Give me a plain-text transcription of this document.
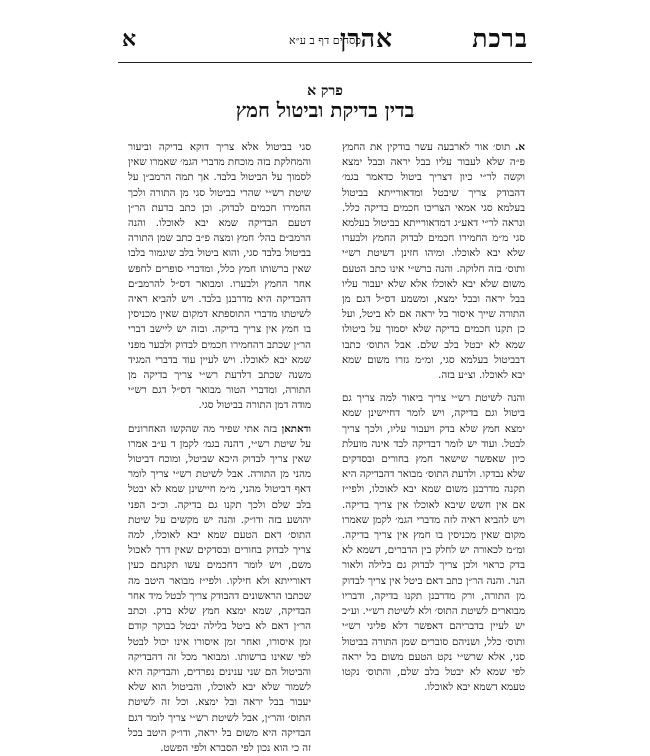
ברכת
פסחים דף ב ע״א
אהרן
א
פרק א
בדין בדיקת וביטול חמץ

א. תוס׳ אור לארבעה עשר בודקין את החמץ פ״ה שלא לעבור עליו בבל יראה ובבל ימצא וקשה לר״י כיון דצריך ביטול כדאמר בגמ׳ דהבודק צריך שיבטל ומדאורייתא בביטול בעלמא סגי אמאי הצריכו חכמים בדיקה כלל. ונראה לר״י דאע״ג דמדאורייתא בביטול בעלמא סגי מ״מ החמירו חכמים לבדוק החמץ ולבערו שלא יבא לאוכלו. ומיהו חזינן דשיטת רש״י ותוס׳ בזה חלוקה. והנה ברש״י אינו כתב הטעם משום שלא יבא לאוכלו אלא שלא יעבור עליו בבל יראה ובבל ימצא, ומשמע דס״ל דגם מן התורה שייך איסור בל יראה אם לא ביטל, ועל כן תקנו חכמים בדיקה שלא יסמוך על ביטולו שמא לא יבטל בלב שלם. אבל התוס׳ כתבו דבביטול בעלמא סגי, ומ״מ גזרו משום שמא יבא לאוכלו. וצ״ע בזה.

והנה לשיטת רש״י צריך ביאור למה צריך גם ביטול וגם בדיקה, ויש לומר דחיישינן שמא ימצא חמץ שלא בדק ויעבור עליו, ולכך צריך לבטל. ועוד יש לומר דבדיקה לבד אינה מועלת כיון שאפשר שישאר חמץ בחורים ובסדקים שלא נבדקו. ולדעת התוס׳ מבואר דהבדיקה היא תקנה מדרבנן משום שמא יבא לאוכלו, ולפי״ז אם אין חשש שיבא לאוכלו אין צריך בדיקה. ויש להביא ראיה לזה מדברי הגמ׳ לקמן שאמרו מקום שאין מכניסין בו חמץ אין צריך בדיקה. ומ״מ לכאורה יש לחלק בין הדברים, דשמא לא בדק כראוי ולכן צריך לבדוק גם בלילה ולאור הנר. והנה הר״ן כתב דאם ביטל אין צריך לבדוק מן התורה, ורק מדרבנן תקנו בדיקה, ודבריו מבוארים לשיטת התוס׳ ולא לשיטת רש״י. וע״כ יש לעיין בדבריהם דאפשר דלא פליגי רש״י ותוס׳ כלל, ושניהם סוברים שמן התורה בביטול סגי, אלא שרש״י נקט הטעם משום בל יראה לפי שמא לא יבטל בלב שלם, והתוס׳ נקטו טעמא דשמא יבא לאוכלו.

סגי בביטול אלא צריך דוקא בדיקה וביעור והמחלקת בזה מוכחת מדברי הגמ׳ שאמרו שאין לסמוך על הביטול בלבד. אך תמה הרמב״ן על שיטת רש״י שהרי בביטול סגי מן התורה ולכך החמירו חכמים לבדוק. וכן כתב בדעת הר״ן דטעם הבדיקה שמא יבא לאוכלו. והנה הרמב״ם בהל׳ חמץ ומצה פ״ב כתב שמן התורה בביטול בלבד סגי, והוא ביטול בלב שיגמור בלבו שאין ברשותו חמץ כלל, ומדברי סופרים לחפש אחר החמץ ולבערו. ומבואר דס״ל להרמב״ם דהבדיקה היא מדרבנן בלבד. ויש להביא ראיה לשיטתו מדברי התוספתא דמקום שאין מכניסין בו חמץ אין צריך בדיקה. ובזה יש ליישב דברי הר״ן שכתב דהחמירו חכמים לבדוק ולבער מפני שמא יבא לאוכלו. ויש לעיין עוד בדברי המגיד משנה שכתב דלדעת רש״י צריך בדיקה מן התורה, ומדברי הטור מבואר דס״ל דגם רש״י מודה דמן התורה בביטול סגי.

ודאתאן בזה אתי שפיר מה שהקשו האחרונים על שיטת רש״י, דהנה בגמ׳ לקמן ד ע״ב אמרו שאין צריך לבדוק היכא שביטל, ומוכח דביטול מהני מן התורה. אבל לשיטת רש״י צריך לומר דאף דביטול מהני, מ״מ חיישינן שמא לא יבטל בלב שלם ולכך תקנו גם בדיקה. וכ״כ הפני יהושע בזה ודו״ק. והנה יש מקשים על שיטת התוס׳ דאם הטעם שמא יבא לאוכלו, למה צריך לבדוק בחורים ובסדקים שאין דרך לאכול משם, ויש לומר דחכמים עשו תקנתם כעין דאורייתא ולא חילקו. ולפי״ז מבואר היטב מה שכתבו הראשונים דהבודק צריך לבטל מיד אחר הבדיקה, שמא ימצא חמץ שלא בדק. וכתב הר״ן דאם לא ביטל בלילה יבטל בבוקר קודם זמן איסורו, ואחר זמן איסורו אינו יכול לבטל לפי שאינו ברשותו. ומבואר מכל זה דהבדיקה והביטול הם שני ענינים נפרדים, והבדיקה היא לשמור שלא יבא לאוכלו, והביטול הוא שלא יעבור בבל יראה ובל ימצא. וכל זה לשיטת התוס׳ והר״ן, אבל לשיטת רש״י צריך לומר דגם הבדיקה היא משום בל יראה, ודו״ק היטב בכל זה כי הוא נכון לפי הסברא ולפי הפשט.
